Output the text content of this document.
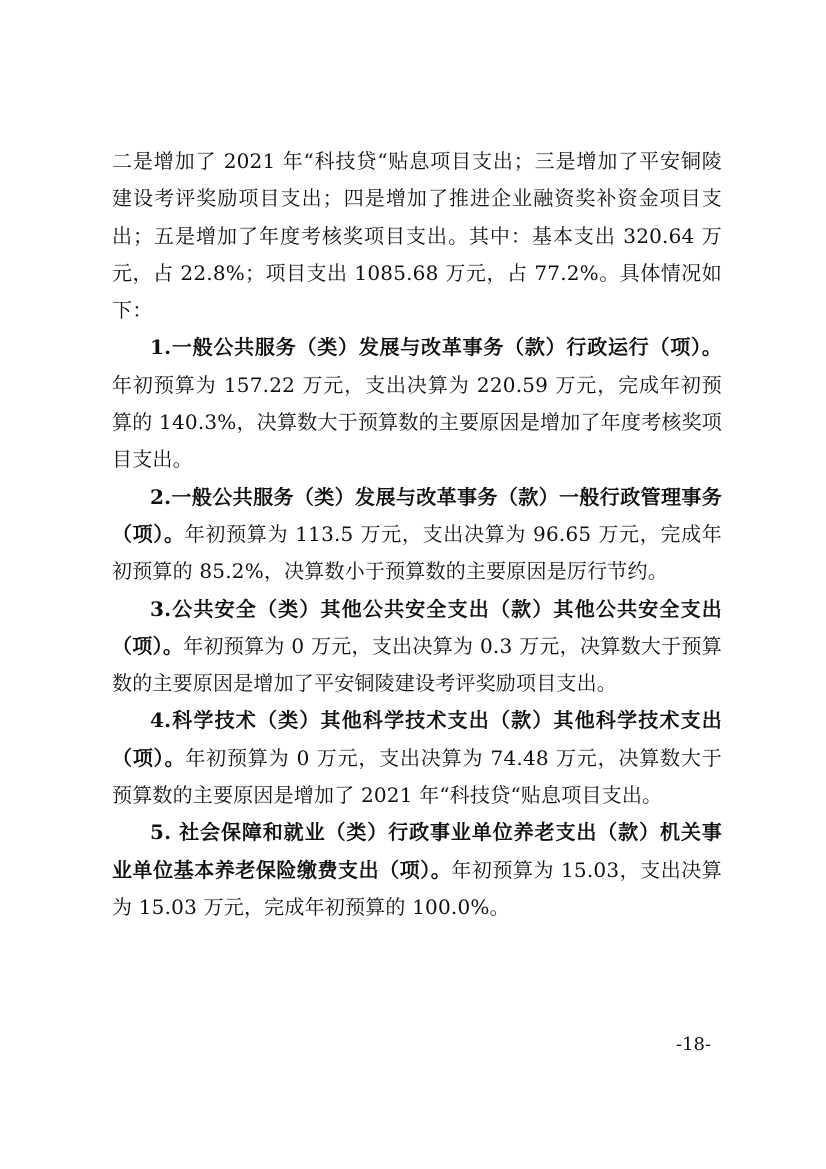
二是增加了 2021 年“科技贷“贴息项目支出；三是增加了平安铜陵建设考评奖励项目支出；四是增加了推进企业融资奖补资金项目支出；五是增加了年度考核奖项目支出。其中：基本支出 320.64 万元，占 22.8%；项目支出 1085.68 万元，占 77.2%。具体情况如下：

1.一般公共服务（类）发展与改革事务（款）行政运行（项）。年初预算为 157.22 万元，支出决算为 220.59 万元，完成年初预算的 140.3%，决算数大于预算数的主要原因是增加了年度考核奖项目支出。

2.一般公共服务（类）发展与改革事务（款）一般行政管理事务（项）。年初预算为 113.5 万元，支出决算为 96.65 万元，完成年初预算的 85.2%，决算数小于预算数的主要原因是厉行节约。

3.公共安全（类）其他公共安全支出（款）其他公共安全支出（项）。年初预算为 0 万元，支出决算为 0.3 万元，决算数大于预算数的主要原因是增加了平安铜陵建设考评奖励项目支出。

4.科学技术（类）其他科学技术支出（款）其他科学技术支出（项）。年初预算为 0 万元，支出决算为 74.48 万元，决算数大于预算数的主要原因是增加了 2021 年“科技贷“贴息项目支出。

5. 社会保障和就业（类）行政事业单位养老支出（款）机关事业单位基本养老保险缴费支出（项）。年初预算为 15.03，支出决算为 15.03 万元，完成年初预算的 100.0%。

-18-
